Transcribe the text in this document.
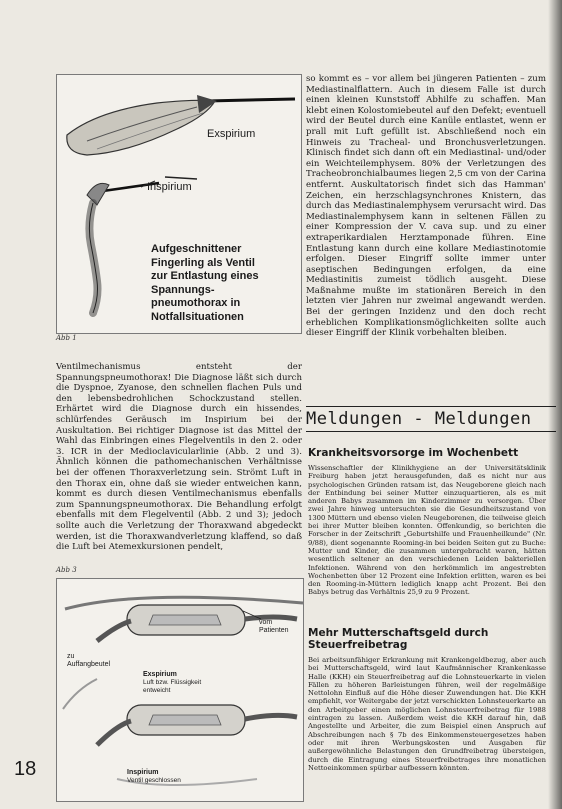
Exspirium
Inspirium
Aufgeschnittener
Fingerling als Ventil
zur Entlastung eines
Spannungs-
pneumothorax in
Notfallsituationen
Abb 1
Ventilmechanismus entsteht der Spannungspneumothorax! Die Diagnose läßt sich durch die Dyspnoe, Zyanose, den schnellen flachen Puls und den lebensbedrohlichen Schockzustand stellen. Erhärtet wird die Diagnose durch ein hissendes, schlürfendes Geräusch im Inspirium bei der Auskultation. Bei richtiger Diagnose ist das Mittel der Wahl das Einbringen eines Flegelventils in den 2. oder 3. ICR in der Medioclavicularlinie (Abb. 2 und 3). Ähnlich können die pathomechanischen Verhältnisse bei der offenen Thoraxverletzung sein. Strömt Luft in den Thorax ein, ohne daß sie wieder entweichen kann, kommt es durch diesen Ventilmechanismus ebenfalls zum Spannungspneumothorax. Die Behandlung erfolgt ebenfalls mit dem Flegelventil (Abb. 2 und 3); jedoch sollte auch die Verletzung der Thoraxwand abgedeckt werden, ist die Thoraxwandverletzung klaffend, so daß die Luft bei Atemexkursionen pendelt,
Abb 3
vom Patienten
zu Auffangbeutel
Exspirium
Luft bzw. Flüssigkeit entweicht
Inspirium
Ventil geschlossen
18
so kommt es – vor allem bei jüngeren Patienten – zum Mediastinalflattern. Auch in diesem Falle ist durch einen kleinen Kunststoff Abhilfe zu schaffen. Man klebt einen Kolostomiebeutel auf den Defekt; eventuell wird der Beutel durch eine Kanüle entlastet, wenn er prall mit Luft gefüllt ist. Abschließend noch ein Hinweis zu Tracheal- und Bronchusverletzungen. Klinisch findet sich dann oft ein Mediastinal- und/oder ein Weichteilemphysem. 80% der Verletzungen des Tracheobronchialbaumes liegen 2,5 cm von der Carina entfernt. Auskultatorisch findet sich das Hamman' Zeichen, ein herzschlagsynchrones Knistern, das durch das Mediastinalemphysem verursacht wird. Das Mediastinalemphysem kann in seltenen Fällen zu einer Kompression der V. cava sup. und zu einer extraperikardialen Herztamponade führen. Eine Entlastung kann durch eine kollare Mediastinotomie erfolgen. Dieser Eingriff sollte immer unter aseptischen Bedingungen erfolgen, da eine Mediastinitis zumeist tödlich ausgeht. Diese Maßnahme mußte im stationären Bereich in den letzten vier Jahren nur zweimal angewandt werden. Bei der geringen Inzidenz und den doch recht erheblichen Komplikationsmöglichkeiten sollte auch dieser Eingriff der Klinik vorbehalten bleiben.
Meldungen - Meldungen
Krankheitsvorsorge im Wochenbett
Wissenschaftler der Klinikhygiene an der Universitätsklinik Freiburg haben jetzt herausgefunden, daß es nicht nur aus psychologischen Gründen ratsam ist, das Neugeborene gleich nach der Entbindung bei seiner Mutter einzuquartieren, als es mit anderen Babys zusammen im Kinderzimmer zu versorgen. Über zwei Jahre hinweg untersuchten sie die Gesundheitszustand von 1300 Müttern und ebenso vielen Neugeborenen, die teilweise gleich bei ihrer Mutter bleiben konnten. Offenkundig, so berichten die Forscher in der Zeitschrift „Geburtshilfe und Frauenheilkunde" (Nr. 9/88), dient sogenannte Rooming-in bei beiden Seiten gut zu Buche: Mutter und Kinder, die zusammen untergebracht waren, hätten wesentlich seltener an den verschiedenen Leiden bakteriellen Infektionen. Während von den herkömmlich im angestrebten Wochenbetten über 12 Prozent eine Infektion erlitten, waren es bei den Rooming-in-Müttern lediglich knapp acht Prozent. Bei den Babys betrug das Verhältnis 25,9 zu 9 Prozent.
Mehr Mutterschaftsgeld durch
Steuerfreibetrag
Bei arbeitsunfähiger Erkrankung mit Krankengeldbezug, aber auch bei Mutterschaftsgeld, wird laut Kaufmännischer Krankenkasse Halle (KKH) ein Steuerfreibetrag auf die Lohnsteuerkarte in vielen Fällen zu höheren Barleistungen führen, weil der regelmäßige Nettolohn Einfluß auf die Höhe dieser Zuwendungen hat. Die KKH empfiehlt, vor Weitergabe der jetzt verschickten Lohnsteuerkarte an den Arbeitgeber einen möglichen Lohnsteuerfreibetrag für 1988 eintragen zu lassen. Außerdem weist die KKH darauf hin, daß Angestellte und Arbeiter, die zum Beispiel einen Anspruch auf Abschreibungen nach § 7b des Einkommensteuergesetzes haben oder mit ihren Werbungskosten und Ausgaben für außergewöhnliche Belastungen den Grundfreibetrag übersteigen, durch die Eintragung eines Steuerfreibetrages ihre monatlichen Nettoeinkommen spürbar aufbessern könnten.
